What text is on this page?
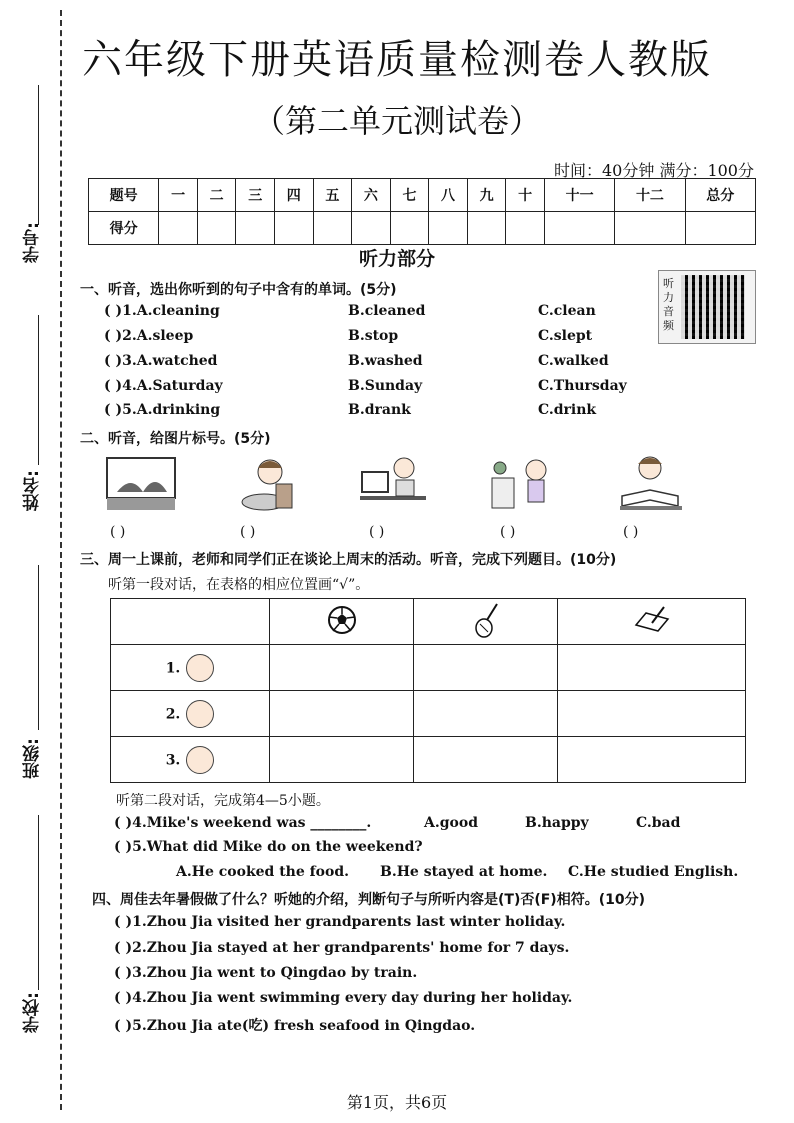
学号:
姓名:
班级:
学校:
六年级下册英语质量检测卷人教版
（第二单元测试卷）
时间：40分钟 满分：100分
题号	一	二	三	四	五	六	七	八	九	十	十一	十二	总分
得分													
听力部分
听力音频
一、听音，选出你听到的句子中含有的单词。(5分)
( )1.A.cleaning	B.cleaned	C.clean
( )2.A.sleep	B.stop	C.slept
( )3.A.watched	B.washed	C.walked
( )4.A.Saturday	B.Sunday	C.Thursday
( )5.A.drinking	B.drank	C.drink
二、听音，给图片标号。(5分)
( )	( )	( )	( )	( )
三、周一上课前，老师和同学们正在谈论上周末的活动。听音，完成下列题目。(10分)
听第一段对话，在表格的相应位置画“√”。

1.			
2.			
3.			
听第二段对话，完成第4—5小题。
( )4.Mike's weekend was ________.	A.good	B.happy	C.bad
( )5.What did Mike do on the weekend?
A.He cooked the food. B.He stayed at home. C.He studied English.
四、周佳去年暑假做了什么？听她的介绍，判断句子与所听内容是(T)否(F)相符。(10分)
( )1.Zhou Jia visited her grandparents last winter holiday.
( )2.Zhou Jia stayed at her grandparents' home for 7 days.
( )3.Zhou Jia went to Qingdao by train.
( )4.Zhou Jia went swimming every day during her holiday.
( )5.Zhou Jia ate(吃) fresh seafood in Qingdao.
第1页，共6页
